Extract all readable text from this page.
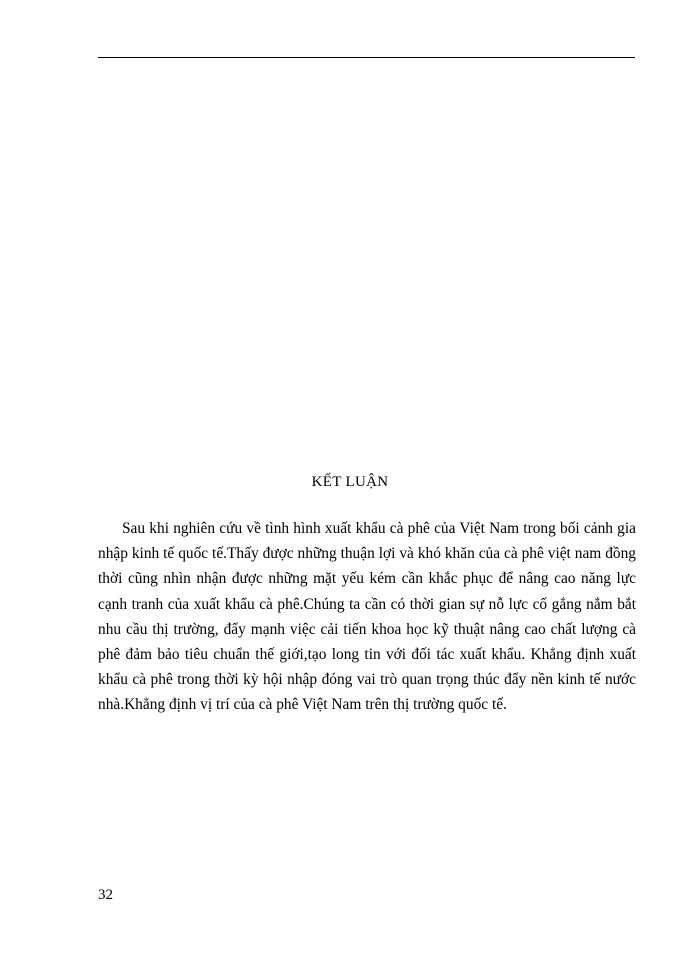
KẾT LUẬN

Sau khi nghiên cứu về tình hình xuất khẩu cà phê của Việt Nam trong bối cảnh gia nhập kinh tế quốc tế.Thấy được những thuận lợi và khó khăn của cà phê việt nam đồng thời cũng nhìn nhận được những mặt yếu kém cần khắc phục để nâng cao năng lực cạnh tranh của xuất khẩu cà phê.Chúng ta cần có thời gian sự nỗ lực cố gắng nắm bắt nhu cầu thị trường, đẩy mạnh việc cải tiến khoa học kỹ thuật nâng cao chất lượng cà phê đảm bảo tiêu chuẩn thế giới,tạo long tin với đối tác xuất khẩu. Khẳng định xuất khẩu cà phê trong thời kỳ hội nhập đóng vai trò quan trọng thúc đẩy nền kinh tế nước nhà.Khẳng định vị trí của cà phê Việt Nam trên thị trường quốc tế.

32
